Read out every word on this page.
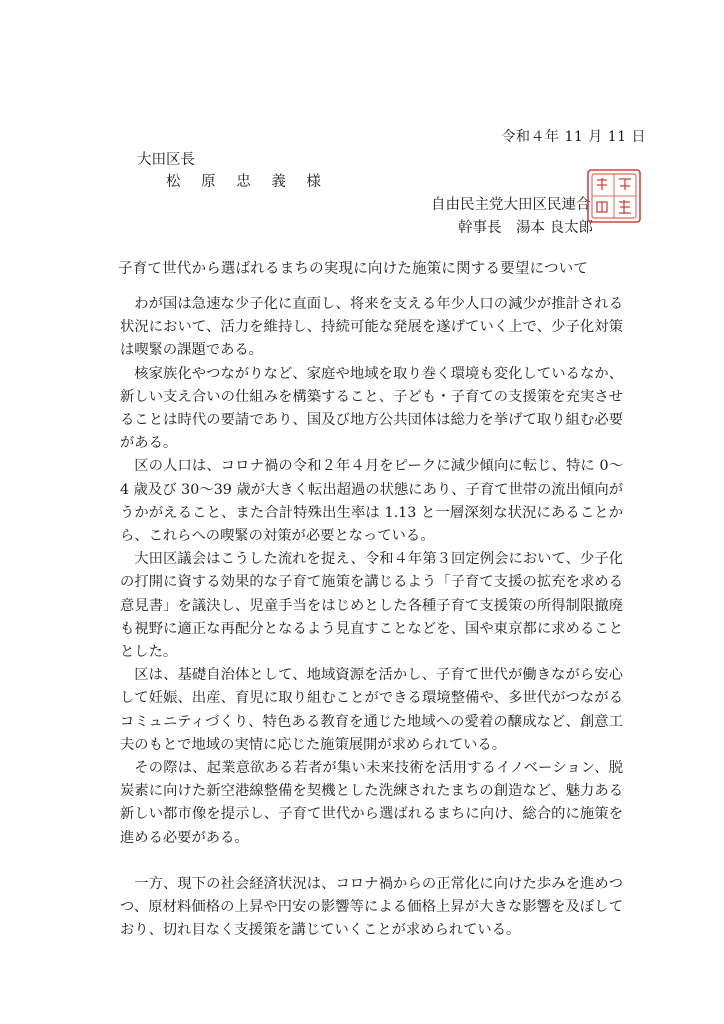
令和４年 11 月 11 日
大田区長
松 原 忠 義 様
自由民主党大田区民連合
幹事長　湯本 良太郎
子育て世代から選ばれるまちの実現に向けた施策に関する要望について

わが国は急速な少子化に直面し、将来を支える年少人口の減少が推計される状況において、活力を維持し、持続可能な発展を遂げていく上で、少子化対策は喫緊の課題である。

核家族化やつながりなど、家庭や地域を取り巻く環境も変化しているなか、新しい支え合いの仕組みを構築すること、子ども・子育ての支援策を充実させることは時代の要請であり、国及び地方公共団体は総力を挙げて取り組む必要がある。

区の人口は、コロナ禍の令和２年４月をピークに減少傾向に転じ、特に 0〜4 歳及び 30〜39 歳が大きく転出超過の状態にあり、子育て世帯の流出傾向がうかがえること、また合計特殊出生率は 1.13 と一層深刻な状況にあることから、これらへの喫緊の対策が必要となっている。

大田区議会はこうした流れを捉え、令和４年第３回定例会において、少子化の打開に資する効果的な子育て施策を講じるよう「子育て支援の拡充を求める意見書」を議決し、児童手当をはじめとした各種子育て支援策の所得制限撤廃も視野に適正な再配分となるよう見直すことなどを、国や東京都に求めることとした。

区は、基礎自治体として、地域資源を活かし、子育て世代が働きながら安心して妊娠、出産、育児に取り組むことができる環境整備や、多世代がつながるコミュニティづくり、特色ある教育を通じた地域への愛着の醸成など、創意工夫のもとで地域の実情に応じた施策展開が求められている。

その際は、起業意欲ある若者が集い未来技術を活用するイノベーション、脱炭素に向けた新空港線整備を契機とした洗練されたまちの創造など、魅力ある新しい都市像を提示し、子育て世代から選ばれるまちに向け、総合的に施策を進める必要がある。

一方、現下の社会経済状況は、コロナ禍からの正常化に向けた歩みを進めつつ、原材料価格の上昇や円安の影響等による価格上昇が大きな影響を及ぼしており、切れ目なく支援策を講じていくことが求められている。
